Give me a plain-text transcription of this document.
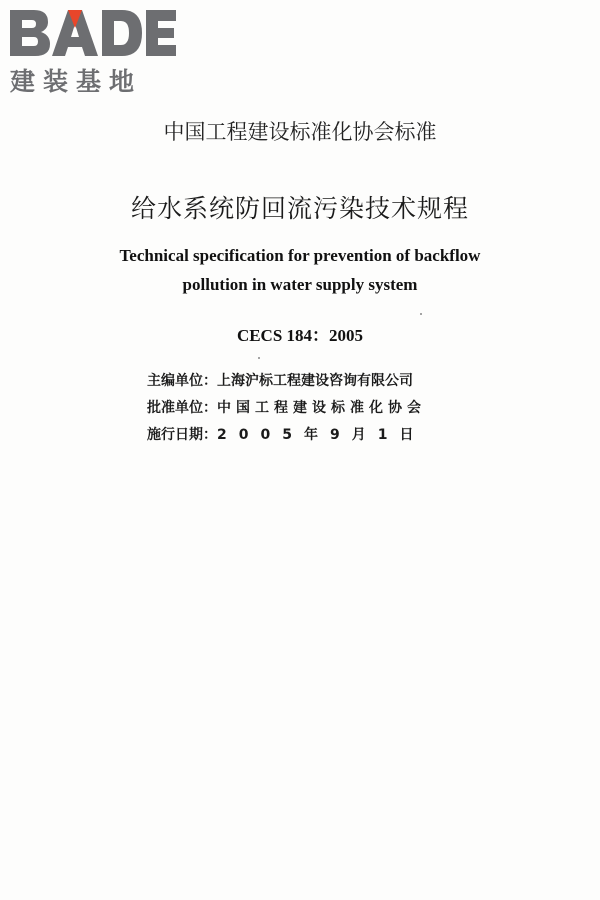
建装基地
中国工程建设标准化协会标准
给水系统防回流污染技术规程
Technical specification for prevention of backflow
pollution in water supply system
CECS 184：2005
主编单位：上海沪标工程建设咨询有限公司
批准单位：中国工程建设标准化协会
施行日期：2005年9月1日
